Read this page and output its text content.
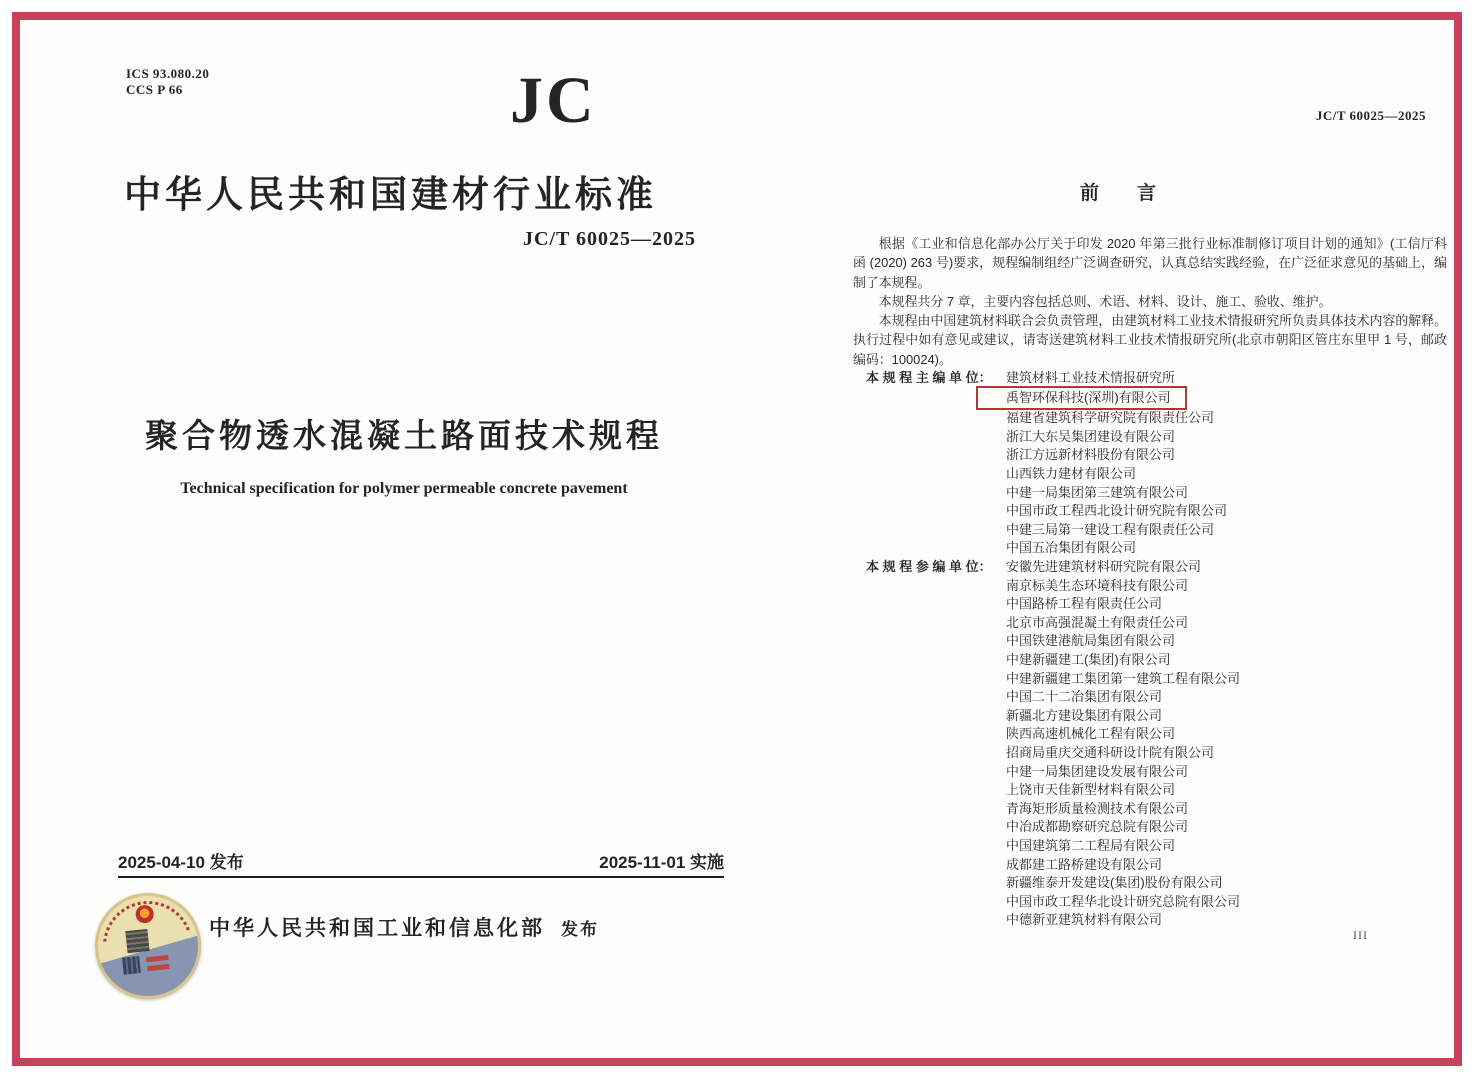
ICS 93.080.20
CCS P 66	JC
中华人民共和国建材行业标准
JC/T 60025—2025
聚合物透水混凝土路面技术规程
Technical specification for polymer permeable concrete pavement
2025-04-10 发布	2025-11-01 实施
中华人民共和国工业和信息化部 发布
JC/T 60025—2025
前　　言

根据《工业和信息化部办公厅关于印发 2020 年第三批行业标准制修订项目计划的通知》(工信厅科函 (2020) 263 号)要求，规程编制组经广泛调查研究，认真总结实践经验，在广泛征求意见的基础上，编制了本规程。

本规程共分 7 章，主要内容包括总则、术语、材料、设计、施工、验收、维护。

本规程由中国建筑材料联合会负责管理，由建筑材料工业技术情报研究所负责具体技术内容的解释。执行过程中如有意见或建议，请寄送建筑材料工业技术情报研究所(北京市朝阳区管庄东里甲 1 号，邮政编码：100024)。

本 规 程 主 编 单 位：	建筑材料工业技术情报研究所
禹智环保科技(深圳)有限公司
福建省建筑科学研究院有限责任公司
浙江大东吴集团建设有限公司
浙江方远新材料股份有限公司
山西铁力建材有限公司
中建一局集团第三建筑有限公司
中国市政工程西北设计研究院有限公司
中建三局第一建设工程有限责任公司
中国五冶集团有限公司
本 规 程 参 编 单 位：	安徽先进建筑材料研究院有限公司
南京标美生态环境科技有限公司
中国路桥工程有限责任公司
北京市高强混凝土有限责任公司
中国铁建港航局集团有限公司
中建新疆建工(集团)有限公司
中建新疆建工集团第一建筑工程有限公司
中国二十二冶集团有限公司
新疆北方建设集团有限公司
陕西高速机械化工程有限公司
招商局重庆交通科研设计院有限公司
中建一局集团建设发展有限公司
上饶市天佳新型材料有限公司
青海矩形质量检测技术有限公司
中冶成都勘察研究总院有限公司
中国建筑第二工程局有限公司
成都建工路桥建设有限公司
新疆维泰开发建设(集团)股份有限公司
中国市政工程华北设计研究总院有限公司
中德新亚建筑材料有限公司
III
